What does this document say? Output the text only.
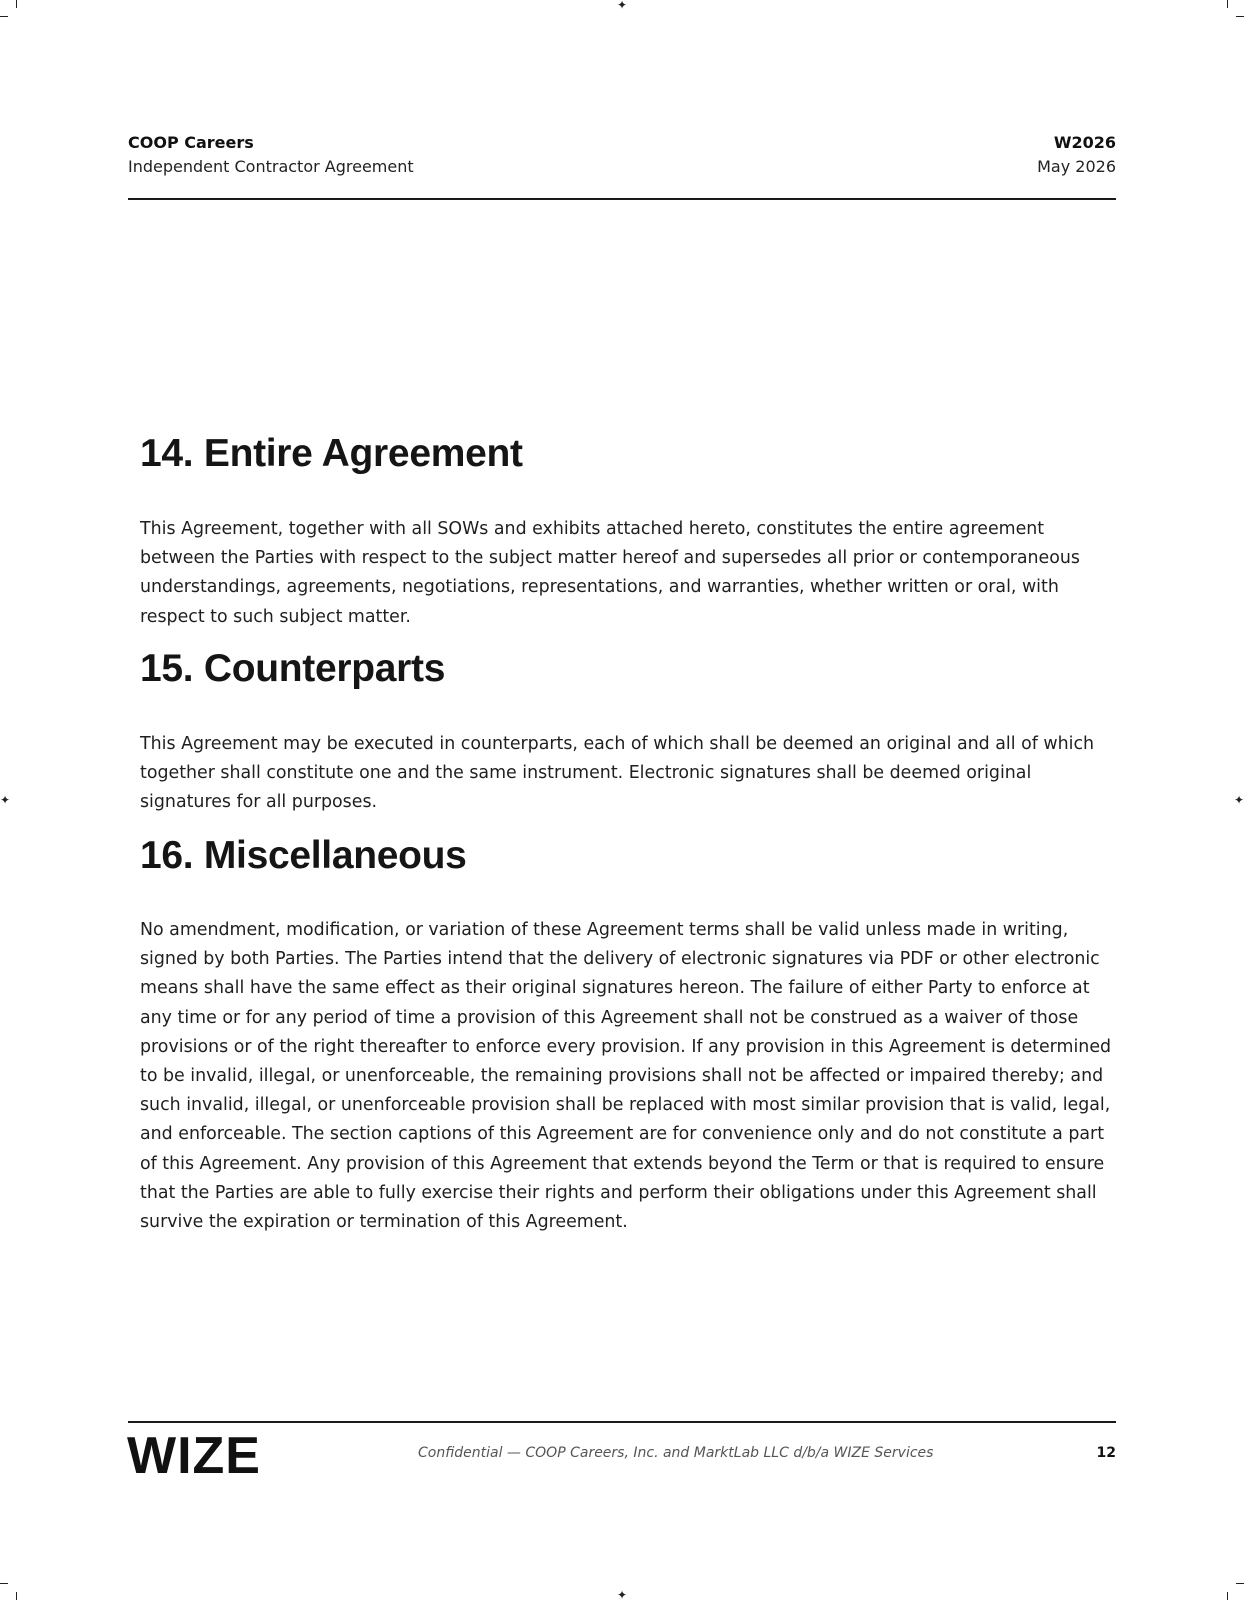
✦
✦	✦
✦
COOP Careers
Independent Contractor Agreement
W2026
May 2026
14. Entire Agreement

This Agreement, together with all SOWs and exhibits attached hereto, constitutes the entire agreement between the Parties with respect to the subject matter hereof and supersedes all prior or contemporaneous understandings, agreements, negotiations, representations, and warranties, whether written or oral, with respect to such subject matter.

15. Counterparts

This Agreement may be executed in counterparts, each of which shall be deemed an original and all of which together shall constitute one and the same instrument. Electronic signatures shall be deemed original signatures for all purposes.

16. Miscellaneous

No amendment, modification, or variation of these Agreement terms shall be valid unless made in writing, signed by both Parties. The Parties intend that the delivery of electronic signatures via PDF or other electronic means shall have the same effect as their original signatures hereon. The failure of either Party to enforce at any time or for any period of time a provision of this Agreement shall not be construed as a waiver of those provisions or of the right thereafter to enforce every provision. If any provision in this Agreement is determined to be invalid, illegal, or unenforceable, the remaining provisions shall not be affected or impaired thereby; and such invalid, illegal, or unenforceable provision shall be replaced with most similar provision that is valid, legal, and enforceable. The section captions of this Agreement are for convenience only and do not constitute a part of this Agreement. Any provision of this Agreement that extends beyond the Term or that is required to ensure that the Parties are able to fully exercise their rights and perform their obligations under this Agreement shall survive the expiration or termination of this Agreement.

WIZE	Confidential — COOP Careers, Inc. and MarktLab LLC d/b/a WIZE Services	12
